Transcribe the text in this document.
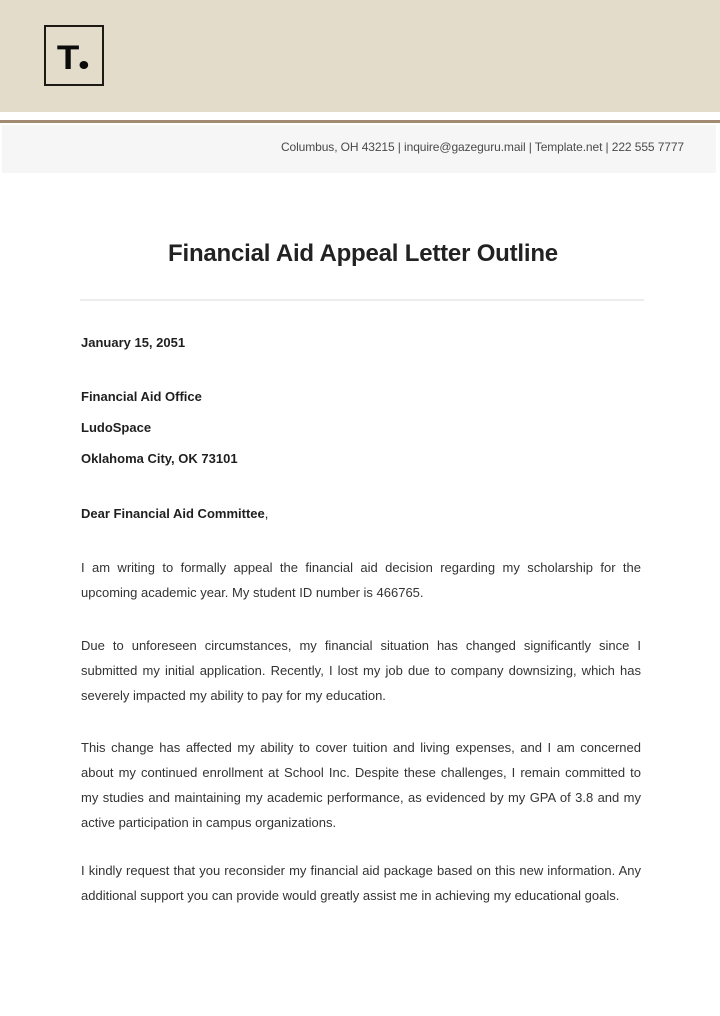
T
Columbus, OH 43215 | inquire@gazeguru.mail | Template.net | 222 555 7777
Financial Aid Appeal Letter Outline
January 15, 2051
Financial Aid Office
LudoSpace
Oklahoma City, OK 73101
Dear Financial Aid Committee,

I am writing to formally appeal the financial aid decision regarding my scholarship for the upcoming academic year. My student ID number is 466765.

Due to unforeseen circumstances, my financial situation has changed significantly since I submitted my initial application. Recently, I lost my job due to company downsizing, which has severely impacted my ability to pay for my education.

This change has affected my ability to cover tuition and living expenses, and I am concerned about my continued enrollment at School Inc. Despite these challenges, I remain committed to my studies and maintaining my academic performance, as evidenced by my GPA of 3.8 and my active participation in campus organizations.

I kindly request that you reconsider my financial aid package based on this new information. Any additional support you can provide would greatly assist me in achieving my educational goals.
